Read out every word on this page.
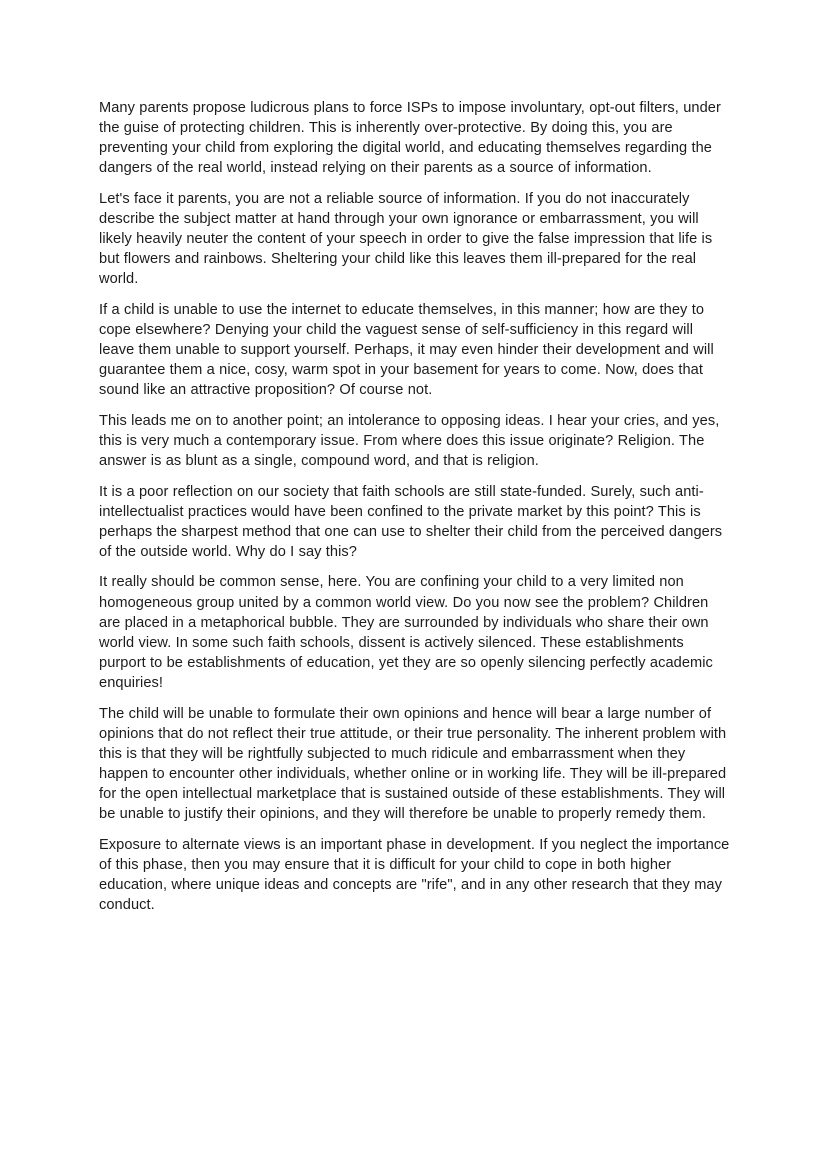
Many parents propose ludicrous plans to force ISPs to impose involuntary, opt-out filters, under the guise of protecting children. This is inherently over-protective. By doing this, you are preventing your child from exploring the digital world, and educating themselves regarding the dangers of the real world, instead relying on their parents as a source of information.

Let's face it parents, you are not a reliable source of information. If you do not inaccurately describe the subject matter at hand through your own ignorance or embarrassment, you will likely heavily neuter the content of your speech in order to give the false impression that life is but flowers and rainbows. Sheltering your child like this leaves them ill-prepared for the real world.

If a child is unable to use the internet to educate themselves, in this manner; how are they to cope elsewhere? Denying your child the vaguest sense of self-sufficiency in this regard will leave them unable to support yourself. Perhaps, it may even hinder their development and will guarantee them a nice, cosy, warm spot in your basement for years to come. Now, does that sound like an attractive proposition? Of course not.

This leads me on to another point; an intolerance to opposing ideas. I hear your cries, and yes, this is very much a contemporary issue. From where does this issue originate? Religion. The answer is as blunt as a single, compound word, and that is religion.

It is a poor reflection on our society that faith schools are still state-funded. Surely, such anti-intellectualist practices would have been confined to the private market by this point? This is perhaps the sharpest method that one can use to shelter their child from the perceived dangers of the outside world. Why do I say this?

It really should be common sense, here. You are confining your child to a very limited non homogeneous group united by a common world view. Do you now see the problem? Children are placed in a metaphorical bubble. They are surrounded by individuals who share their own world view. In some such faith schools, dissent is actively silenced. These establishments purport to be establishments of education, yet they are so openly silencing perfectly academic enquiries!

The child will be unable to formulate their own opinions and hence will bear a large number of opinions that do not reflect their true attitude, or their true personality. The inherent problem with this is that they will be rightfully subjected to much ridicule and embarrassment when they happen to encounter other individuals, whether online or in working life. They will be ill-prepared for the open intellectual marketplace that is sustained outside of these establishments. They will be unable to justify their opinions, and they will therefore be unable to properly remedy them.

Exposure to alternate views is an important phase in development. If you neglect the importance of this phase, then you may ensure that it is difficult for your child to cope in both higher education, where unique ideas and concepts are "rife", and in any other research that they may conduct.
